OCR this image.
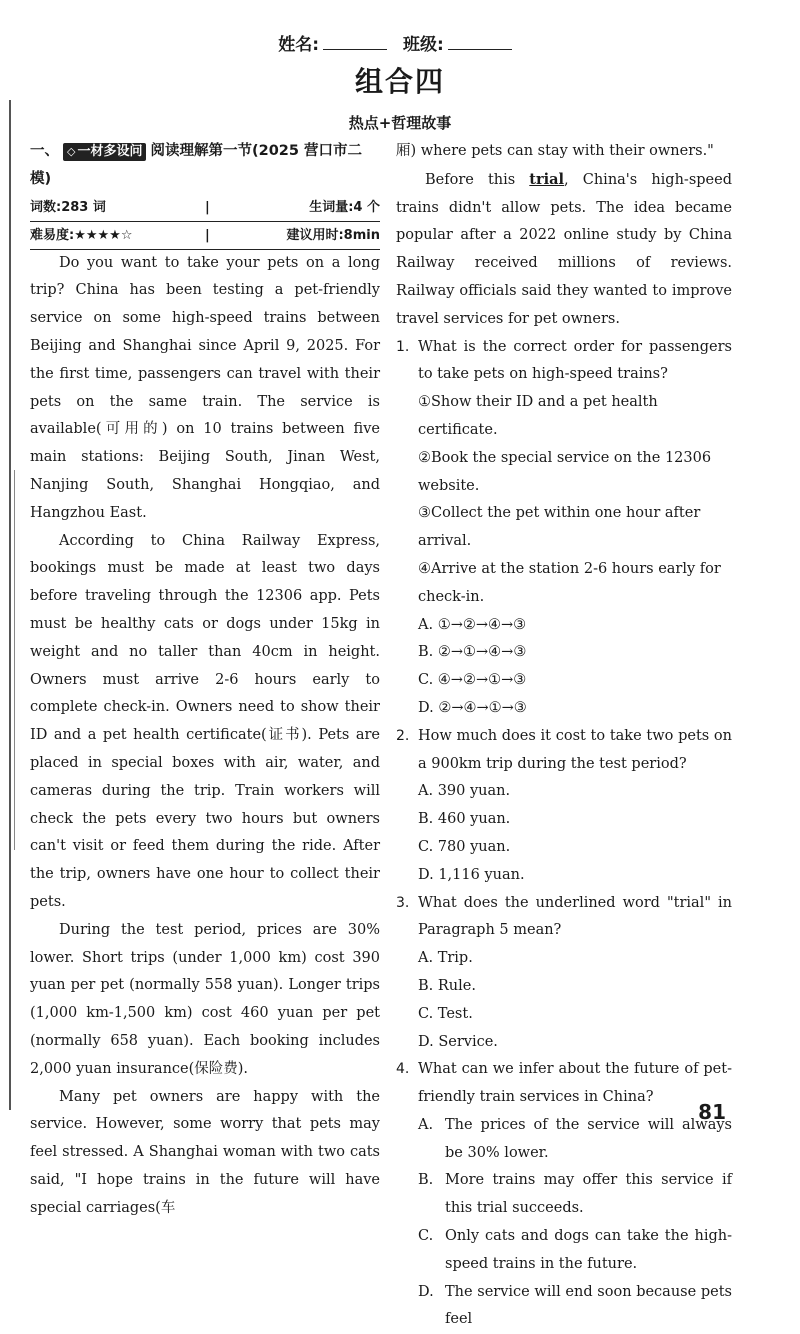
姓名:	班级:
组合四
热点+哲理故事
一、 ◇ 一材多设问 阅读理解第一节(2025 营口市二模)
词数:283 词	|	生词量:4 个
难易度:★★★★☆	|	建议用时:8min

Do you want to take your pets on a long trip? China has been testing a pet-friendly service on some high-speed trains between Beijing and Shanghai since April 9, 2025. For the first time, passengers can travel with their pets on the same train. The service is available(可用的) on 10 trains between five main stations: Beijing South, Jinan West, Nanjing South, Shanghai Hongqiao, and Hangzhou East.

According to China Railway Express, bookings must be made at least two days before traveling through the 12306 app. Pets must be healthy cats or dogs under 15kg in weight and no taller than 40cm in height. Owners must arrive 2-6 hours early to complete check-in. Owners need to show their ID and a pet health certificate(证书). Pets are placed in special boxes with air, water, and cameras during the trip. Train workers will check the pets every two hours but owners can't visit or feed them during the ride. After the trip, owners have one hour to collect their pets.

During the test period, prices are 30% lower. Short trips (under 1,000 km) cost 390 yuan per pet (normally 558 yuan). Longer trips (1,000 km-1,500 km) cost 460 yuan per pet (normally 658 yuan). Each booking includes 2,000 yuan insurance(保险费).

Many pet owners are happy with the service. However, some worry that pets may feel stressed. A Shanghai woman with two cats said, "I hope trains in the future will have special carriages(车

厢) where pets can stay with their owners."

Before this trial, China's high-speed trains didn't allow pets. The idea became popular after a 2022 online study by China Railway received millions of reviews. Railway officials said they wanted to improve travel services for pet owners.

1. What is the correct order for passengers to take pets on high-speed trains?
①Show their ID and a pet health certificate.
②Book the special service on the 12306 website.
③Collect the pet within one hour after arrival.
④Arrive at the station 2-6 hours early for check-in.
A. ①→②→④→③
B. ②→①→④→③
C. ④→②→①→③
D. ②→④→①→③
2. How much does it cost to take two pets on a 900km trip during the test period?
A. 390 yuan.
B. 460 yuan.
C. 780 yuan.
D. 1,116 yuan.
3. What does the underlined word "trial" in Paragraph 5 mean?
A. Trip.
B. Rule.
C. Test.
D. Service.
4. What can we infer about the future of pet-friendly train services in China?
A. The prices of the service will always be 30% lower.
B. More trains may offer this service if this trial succeeds.
C. Only cats and dogs can take the high-speed trains in the future.
D. The service will end soon because pets feel
81
